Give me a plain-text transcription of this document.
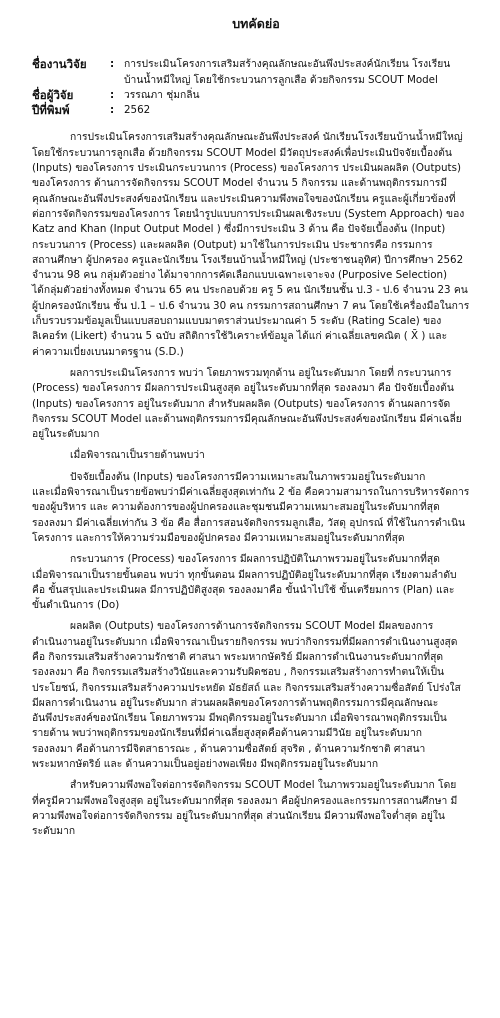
บทคัดย่อ
ชื่องานวิจัย	: การประเมินโครงการเสริมสร้างคุณลักษณะอันพึงประสงค์นักเรียน โรงเรียน
บ้านน้ำหมีใหญ่ โดยใช้กระบวนการลูกเสือ ด้วยกิจกรรม SCOUT Model
ชื่อผู้วิจัย	: วรรณภา ชุ่มกลิ่น
ปีที่พิมพ์	: 2562
การประเมินโครงการเสริมสร้างคุณลักษณะอันพึงประสงค์ นักเรียนโรงเรียนบ้านน้ำหมีใหญ่
โดยใช้กระบวนการลูกเสือ ด้วยกิจกรรม SCOUT Model มีวัตถุประสงค์เพื่อประเมินปัจจัยเบื้องต้น
(Inputs) ของโครงการ ประเมินกระบวนการ (Process) ของโครงการ ประเมินผลผลิต (Outputs)
ของโครงการ ด้านการจัดกิจกรรม SCOUT Model จำนวน 5 กิจกรรม และด้านพฤติกรรมการมี
คุณลักษณะอันพึงประสงค์ของนักเรียน และประเมินความพึงพอใจของนักเรียน ครูและผู้เกี่ยวข้องที่
ต่อการจัดกิจกรรมของโครงการ โดยนำรูปแบบการประเมินผลเชิงระบบ (System Approach) ของ
Katz and Khan (Input Output Model ) ซึ่งมีการประเมิน 3 ด้าน คือ ปัจจัยเบื้องต้น (Input)
กระบวนการ (Process) และผลผลิต (Output) มาใช้ในการประเมิน ประชากรคือ กรรมการ
สถานศึกษา ผู้ปกครอง ครูและนักเรียน โรงเรียนบ้านน้ำหมีใหญ่ (ประชาชนอุทิศ) ปีการศึกษา 2562
จำนวน 98 คน กลุ่มตัวอย่าง ได้มาจากการคัดเลือกแบบเฉพาะเจาะจง (Purposive Selection)
ได้กลุ่มตัวอย่างทั้งหมด จำนวน 65 คน ประกอบด้วย ครู 5 คน นักเรียนชั้น ป.3 - ป.6 จำนวน 23 คน
ผู้ปกครองนักเรียน ชั้น ป.1 – ป.6 จำนวน 30 คน กรรมการสถานศึกษา 7 คน โดยใช้เครื่องมือในการ
เก็บรวบรวมข้อมูลเป็นแบบสอบถามแบบมาตราส่วนประมาณค่า 5 ระดับ (Rating Scale) ของ
ลิเคอร์ท (Likert) จำนวน 5 ฉบับ สถิติการใช้วิเคราะห์ข้อมูล ได้แก่ ค่าเฉลี่ยเลขคณิต ( X̄ ) และ
ค่าความเบี่ยงเบนมาตรฐาน (S.D.)
ผลการประเมินโครงการ พบว่า โดยภาพรวมทุกด้าน อยู่ในระดับมาก โดยที่ กระบวนการ
(Process) ของโครงการ มีผลการประเมินสูงสุด อยู่ในระดับมากที่สุด รองลงมา คือ ปัจจัยเบื้องต้น
(Inputs) ของโครงการ อยู่ในระดับมาก สำหรับผลผลิต (Outputs) ของโครงการ ด้านผลการจัด
กิจกรรม SCOUT Model และด้านพฤติกรรมการมีคุณลักษณะอันพึงประสงค์ของนักเรียน มีค่าเฉลี่ย
อยู่ในระดับมาก
เมื่อพิจารณาเป็นรายด้านพบว่า
ปัจจัยเบื้องต้น (Inputs) ของโครงการมีความเหมาะสมในภาพรวมอยู่ในระดับมาก
และเมื่อพิจารณาเป็นรายข้อพบว่ามีค่าเฉลี่ยสูงสุดเท่ากัน 2 ข้อ คือความสามารถในการบริหารจัดการ
ของผู้บริหาร และ ความต้องการของผู้ปกครองและชุมชนมีความเหมาะสมอยู่ในระดับมากที่สุด
รองลงมา มีค่าเฉลี่ยเท่ากัน 3 ข้อ คือ สื่อการสอนจัดกิจกรรมลูกเสือ, วัสดุ อุปกรณ์ ที่ใช้ในการดำเนิน
โครงการ และการให้ความร่วมมือของผู้ปกครอง มีความเหมาะสมอยู่ในระดับมากที่สุด
กระบวนการ (Process) ของโครงการ มีผลการปฏิบัติในภาพรวมอยู่ในระดับมากที่สุด
เมื่อพิจารณาเป็นรายขั้นตอน พบว่า ทุกขั้นตอน มีผลการปฏิบัติอยู่ในระดับมากที่สุด เรียงตามลำดับ
คือ ขั้นสรุปและประเมินผล มีการปฏิบัติสูงสุด รองลงมาคือ ขั้นนำไปใช้ ขั้นเตรียมการ (Plan) และ
ขั้นดำเนินการ (Do)
ผลผลิต (Outputs) ของโครงการด้านการจัดกิจกรรม SCOUT Model มีผลของการ
ดำเนินงานอยู่ในระดับมาก เมื่อพิจารณาเป็นรายกิจกรรม พบว่ากิจกรรมที่มีผลการดำเนินงานสูงสุด
คือ กิจกรรมเสริมสร้างความรักชาติ ศาสนา พระมหากษัตริย์ มีผลการดำเนินงานระดับมากที่สุด
รองลงมา คือ กิจกรรมเสริมสร้างวินัยและความรับผิดชอบ , กิจกรรมเสริมสร้างการทำตนให้เป็น
ประโยชน์, กิจกรรมเสริมสร้างความประหยัด มัธยัสถ์ และ กิจกรรมเสริมสร้างความซื่อสัตย์ โปร่งใส
มีผลการดำเนินงาน อยู่ในระดับมาก ส่วนผลผลิตของโครงการด้านพฤติกรรมการมีคุณลักษณะ
อันพึงประสงค์ของนักเรียน โดยภาพรวม มีพฤติกรรมอยู่ในระดับมาก เมื่อพิจารณาพฤติกรรมเป็น
รายด้าน พบว่าพฤติกรรมของนักเรียนที่มีค่าเฉลี่ยสูงสุดคือด้านความมีวินัย อยู่ในระดับมาก
รองลงมา คือด้านการมีจิตสาธารณะ , ด้านความซื่อสัตย์ สุจริต , ด้านความรักชาติ ศาสนา
พระมหากษัตริย์ และ ด้านความเป็นอยู่อย่างพอเพียง มีพฤติกรรมอยู่ในระดับมาก
สำหรับความพึงพอใจต่อการจัดกิจกรรม SCOUT Model ในภาพรวมอยู่ในระดับมาก โดย
ที่ครูมีความพึงพอใจสูงสุด อยู่ในระดับมากที่สุด รองลงมา คือผู้ปกครองและกรรมการสถานศึกษา มี
ความพึงพอใจต่อการจัดกิจกรรม อยู่ในระดับมากที่สุด ส่วนนักเรียน มีความพึงพอใจต่ำสุด อยู่ใน
ระดับมาก
